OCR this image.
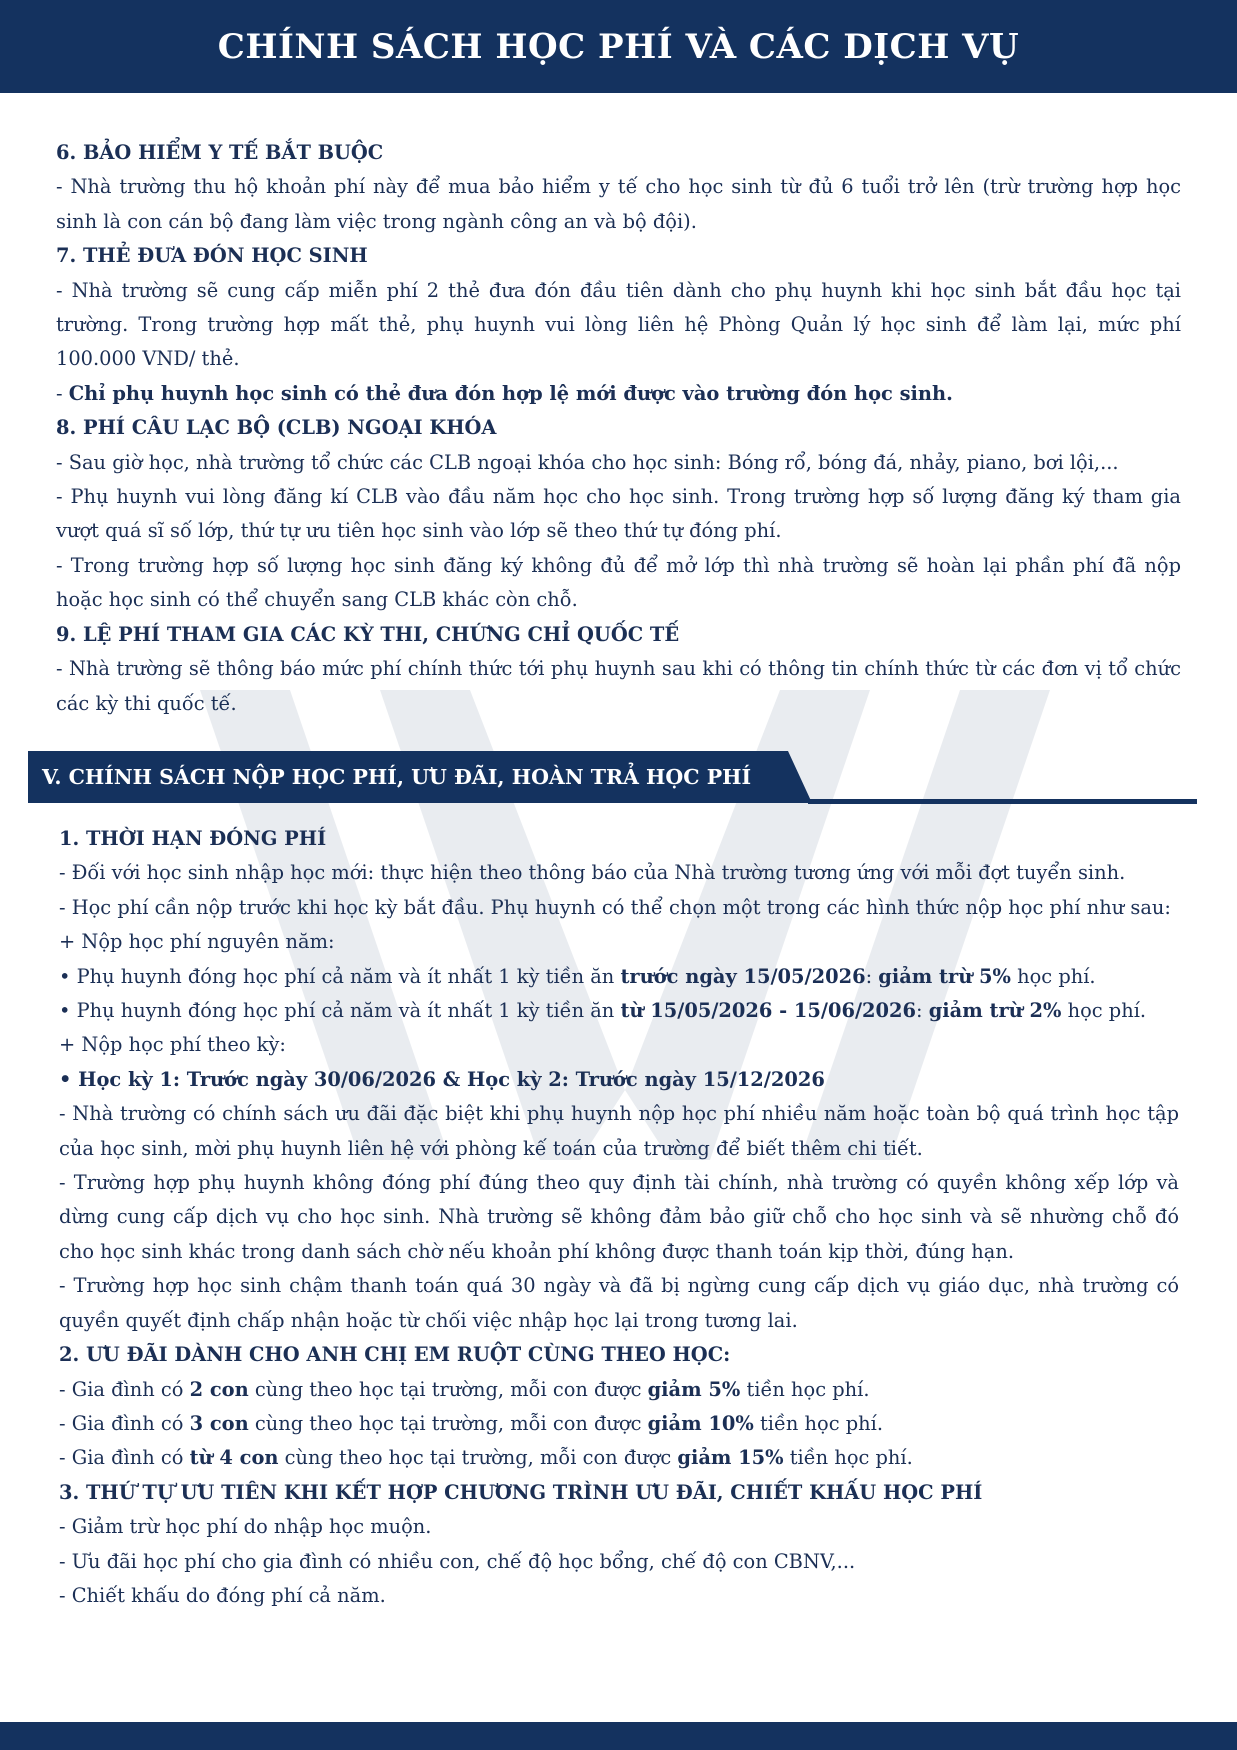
CHÍNH SÁCH HỌC PHÍ VÀ CÁC DỊCH VỤ

6. BẢO HIỂM Y TẾ BẮT BUỘC

- Nhà trường thu hộ khoản phí này để mua bảo hiểm y tế cho học sinh từ đủ 6 tuổi trở lên (trừ trường hợp học sinh là con cán bộ đang làm việc trong ngành công an và bộ đội).

7. THẺ ĐƯA ĐÓN HỌC SINH

- Nhà trường sẽ cung cấp miễn phí 2 thẻ đưa đón đầu tiên dành cho phụ huynh khi học sinh bắt đầu học tại trường. Trong trường hợp mất thẻ, phụ huynh vui lòng liên hệ Phòng Quản lý học sinh để làm lại, mức phí 100.000 VND/ thẻ.

- Chỉ phụ huynh học sinh có thẻ đưa đón hợp lệ mới được vào trường đón học sinh.

8. PHÍ CÂU LẠC BỘ (CLB) NGOẠI KHÓA

- Sau giờ học, nhà trường tổ chức các CLB ngoại khóa cho học sinh: Bóng rổ, bóng đá, nhảy, piano, bơi lội,...

- Phụ huynh vui lòng đăng kí CLB vào đầu năm học cho học sinh. Trong trường hợp số lượng đăng ký tham gia vượt quá sĩ số lớp, thứ tự ưu tiên học sinh vào lớp sẽ theo thứ tự đóng phí.

- Trong trường hợp số lượng học sinh đăng ký không đủ để mở lớp thì nhà trường sẽ hoàn lại phần phí đã nộp hoặc học sinh có thể chuyển sang CLB khác còn chỗ.

9. LỆ PHÍ THAM GIA CÁC KỲ THI, CHỨNG CHỈ QUỐC TẾ

- Nhà trường sẽ thông báo mức phí chính thức tới phụ huynh sau khi có thông tin chính thức từ các đơn vị tổ chức các kỳ thi quốc tế.

V. CHÍNH SÁCH NỘP HỌC PHÍ, ƯU ĐÃI, HOÀN TRẢ HỌC PHÍ

1. THỜI HẠN ĐÓNG PHÍ

- Đối với học sinh nhập học mới: thực hiện theo thông báo của Nhà trường tương ứng với mỗi đợt tuyển sinh.

- Học phí cần nộp trước khi học kỳ bắt đầu. Phụ huynh có thể chọn một trong các hình thức nộp học phí như sau:

+ Nộp học phí nguyên năm:

• Phụ huynh đóng học phí cả năm và ít nhất 1 kỳ tiền ăn trước ngày 15/05/2026: giảm trừ 5% học phí.

• Phụ huynh đóng học phí cả năm và ít nhất 1 kỳ tiền ăn từ 15/05/2026 - 15/06/2026: giảm trừ 2% học phí.

+ Nộp học phí theo kỳ:

• Học kỳ 1: Trước ngày 30/06/2026 & Học kỳ 2: Trước ngày 15/12/2026

- Nhà trường có chính sách ưu đãi đặc biệt khi phụ huynh nộp học phí nhiều năm hoặc toàn bộ quá trình học tập của học sinh, mời phụ huynh liên hệ với phòng kế toán của trường để biết thêm chi tiết.

- Trường hợp phụ huynh không đóng phí đúng theo quy định tài chính, nhà trường có quyền không xếp lớp và dừng cung cấp dịch vụ cho học sinh. Nhà trường sẽ không đảm bảo giữ chỗ cho học sinh và sẽ nhường chỗ đó cho học sinh khác trong danh sách chờ nếu khoản phí không được thanh toán kịp thời, đúng hạn.

- Trường hợp học sinh chậm thanh toán quá 30 ngày và đã bị ngừng cung cấp dịch vụ giáo dục, nhà trường có quyền quyết định chấp nhận hoặc từ chối việc nhập học lại trong tương lai.

2. ƯU ĐÃI DÀNH CHO ANH CHỊ EM RUỘT CÙNG THEO HỌC:

- Gia đình có 2 con cùng theo học tại trường, mỗi con được giảm 5% tiền học phí.

- Gia đình có 3 con cùng theo học tại trường, mỗi con được giảm 10% tiền học phí.

- Gia đình có từ 4 con cùng theo học tại trường, mỗi con được giảm 15% tiền học phí.

3. THỨ TỰ ƯU TIÊN KHI KẾT HỢP CHƯƠNG TRÌNH ƯU ĐÃI, CHIẾT KHẤU HỌC PHÍ

- Giảm trừ học phí do nhập học muộn.

- Ưu đãi học phí cho gia đình có nhiều con, chế độ học bổng, chế độ con CBNV,...

- Chiết khấu do đóng phí cả năm.
